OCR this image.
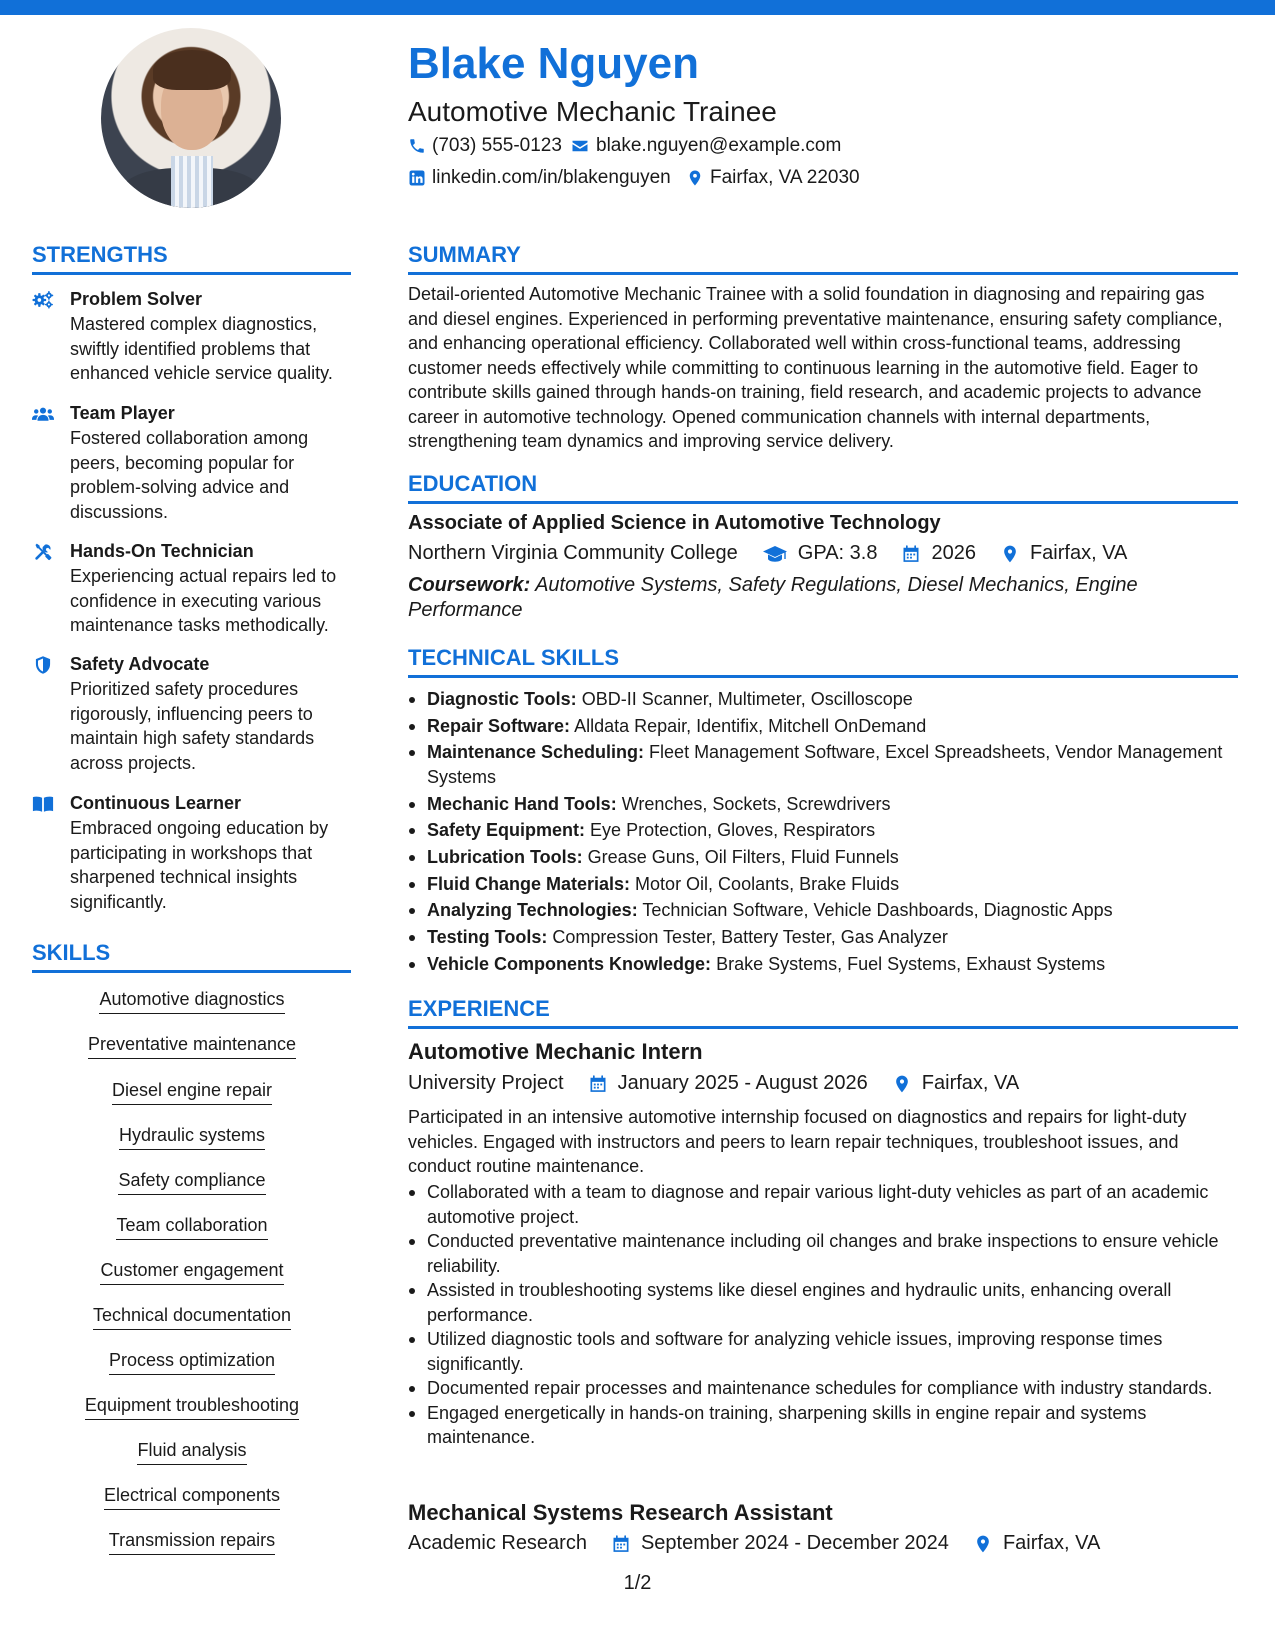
Blake Nguyen
Automotive Mechanic Trainee
(703) 555-0123 blake.nguyen@example.com
linkedin.com/in/blakenguyen Fairfax, VA 22030
STRENGTHS
Problem Solver
Mastered complex diagnostics, swiftly identified problems that enhanced vehicle service quality.
Team Player
Fostered collaboration among peers, becoming popular for problem-solving advice and discussions.
Hands-On Technician
Experiencing actual repairs led to confidence in executing various maintenance tasks methodically.
Safety Advocate
Prioritized safety procedures rigorously, influencing peers to maintain high safety standards across projects.
Continuous Learner
Embraced ongoing education by participating in workshops that sharpened technical insights significantly.
SKILLS
Automotive diagnostics
Preventative maintenance
Diesel engine repair
Hydraulic systems
Safety compliance
Team collaboration
Customer engagement
Technical documentation
Process optimization
Equipment troubleshooting
Fluid analysis
Electrical components
Transmission repairs
SUMMARY
Detail-oriented Automotive Mechanic Trainee with a solid foundation in diagnosing and repairing gas and diesel engines. Experienced in performing preventative maintenance, ensuring safety compliance, and enhancing operational efficiency. Collaborated well within cross-functional teams, addressing customer needs effectively while committing to continuous learning in the automotive field. Eager to contribute skills gained through hands-on training, field research, and academic projects to advance career in automotive technology. Opened communication channels with internal departments, strengthening team dynamics and improving service delivery.
EDUCATION
Associate of Applied Science in Automotive Technology
Northern Virginia Community College	GPA: 3.8	2026	Fairfax, VA
Coursework: Automotive Systems, Safety Regulations, Diesel Mechanics, Engine Performance
TECHNICAL SKILLS
Diagnostic Tools: OBD-II Scanner, Multimeter, Oscilloscope
Repair Software: Alldata Repair, Identifix, Mitchell OnDemand
Maintenance Scheduling: Fleet Management Software, Excel Spreadsheets, Vendor Management Systems
Mechanic Hand Tools: Wrenches, Sockets, Screwdrivers
Safety Equipment: Eye Protection, Gloves, Respirators
Lubrication Tools: Grease Guns, Oil Filters, Fluid Funnels
Fluid Change Materials: Motor Oil, Coolants, Brake Fluids
Analyzing Technologies: Technician Software, Vehicle Dashboards, Diagnostic Apps
Testing Tools: Compression Tester, Battery Tester, Gas Analyzer
Vehicle Components Knowledge: Brake Systems, Fuel Systems, Exhaust Systems
EXPERIENCE
Automotive Mechanic Intern
University Project	January 2025 - August 2026	Fairfax, VA
Participated in an intensive automotive internship focused on diagnostics and repairs for light-duty vehicles. Engaged with instructors and peers to learn repair techniques, troubleshoot issues, and conduct routine maintenance.
Collaborated with a team to diagnose and repair various light-duty vehicles as part of an academic automotive project.
Conducted preventative maintenance including oil changes and brake inspections to ensure vehicle reliability.
Assisted in troubleshooting systems like diesel engines and hydraulic units, enhancing overall performance.
Utilized diagnostic tools and software for analyzing vehicle issues, improving response times significantly.
Documented repair processes and maintenance schedules for compliance with industry standards.
Engaged energetically in hands-on training, sharpening skills in engine repair and systems maintenance.
Mechanical Systems Research Assistant
Academic Research	September 2024 - December 2024	Fairfax, VA
1/2
